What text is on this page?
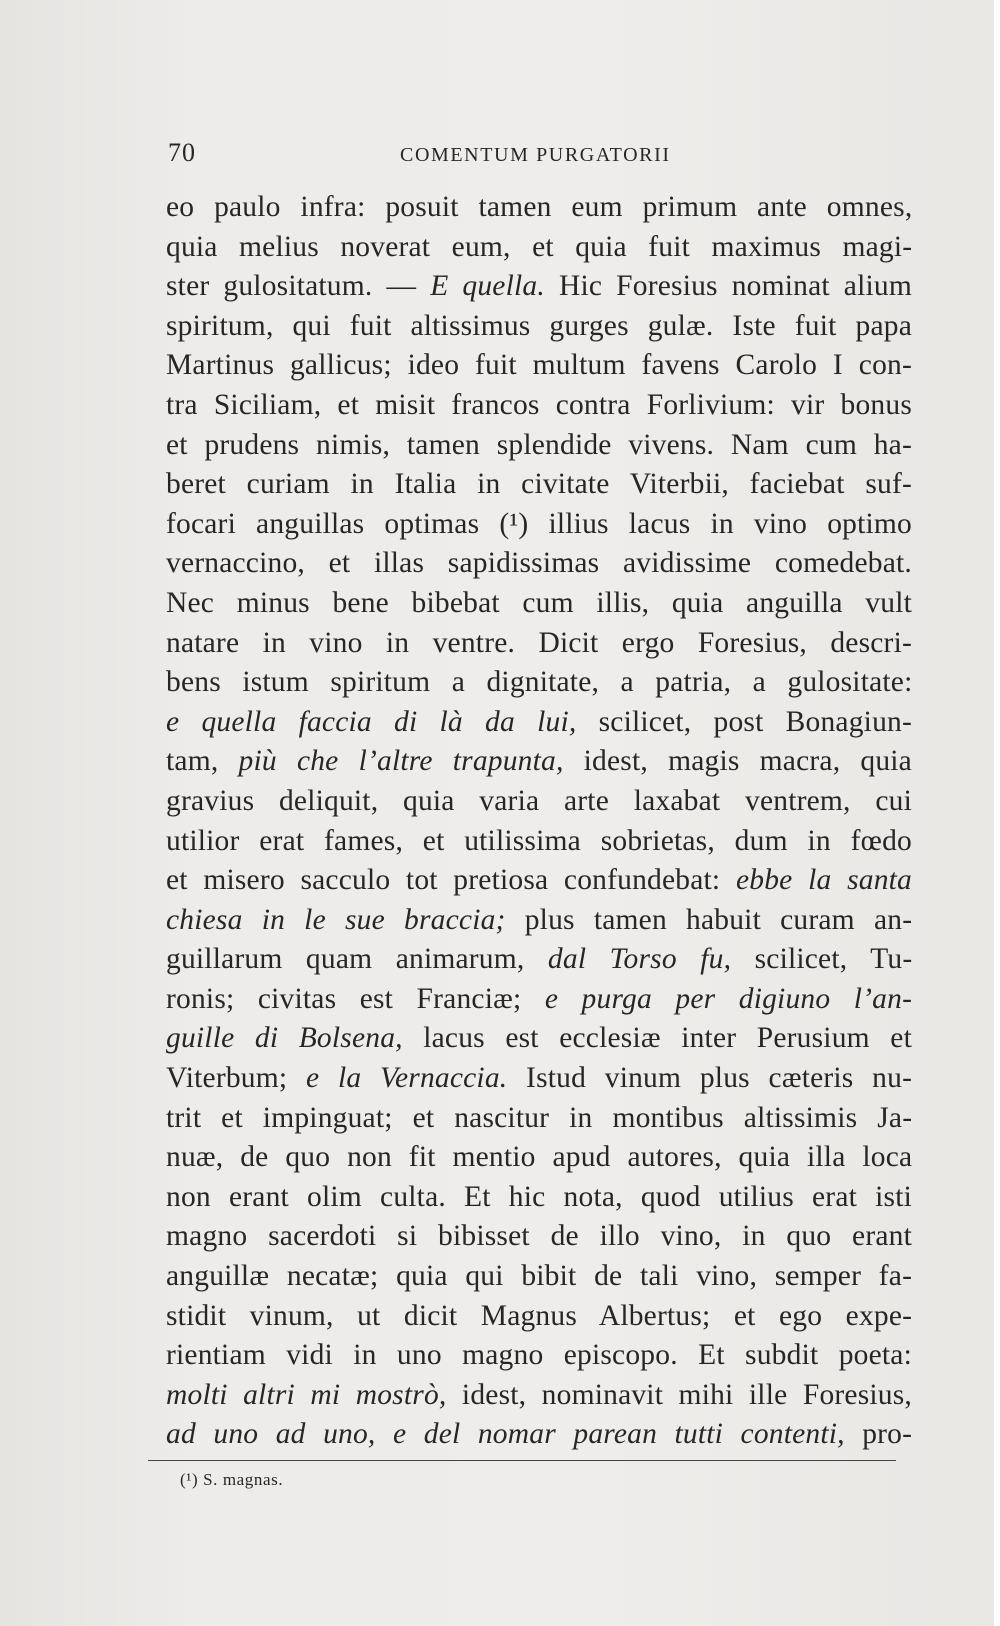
70	COMENTUM PURGATORII
eo paulo infra: posuit tamen eum primum ante omnes,
quia melius noverat eum, et quia fuit maximus magi-
ster gulositatum. — E quella. Hic Foresius nominat alium
spiritum, qui fuit altissimus gurges gulæ. Iste fuit papa
Martinus gallicus; ideo fuit multum favens Carolo I con-
tra Siciliam, et misit francos contra Forlivium: vir bonus
et prudens nimis, tamen splendide vivens. Nam cum ha-
beret curiam in Italia in civitate Viterbii, faciebat suf-
focari anguillas optimas (¹) illius lacus in vino optimo
vernaccino, et illas sapidissimas avidissime comedebat.
Nec minus bene bibebat cum illis, quia anguilla vult
natare in vino in ventre. Dicit ergo Foresius, descri-
bens istum spiritum a dignitate, a patria, a gulositate:
e quella faccia di là da lui, scilicet, post Bonagiun-
tam, più che l’altre trapunta, idest, magis macra, quia
gravius deliquit, quia varia arte laxabat ventrem, cui
utilior erat fames, et utilissima sobrietas, dum in fœdo
et misero sacculo tot pretiosa confundebat: ebbe la santa
chiesa in le sue braccia; plus tamen habuit curam an-
guillarum quam animarum, dal Torso fu, scilicet, Tu-
ronis; civitas est Franciæ; e purga per digiuno l’an-
guille di Bolsena, lacus est ecclesiæ inter Perusium et
Viterbum; e la Vernaccia. Istud vinum plus cæteris nu-
trit et impinguat; et nascitur in montibus altissimis Ja-
nuæ, de quo non fit mentio apud autores, quia illa loca
non erant olim culta. Et hic nota, quod utilius erat isti
magno sacerdoti si bibisset de illo vino, in quo erant
anguillæ necatæ; quia qui bibit de tali vino, semper fa-
stidit vinum, ut dicit Magnus Albertus; et ego expe-
rientiam vidi in uno magno episcopo. Et subdit poeta:
molti altri mi mostrò, idest, nominavit mihi ille Foresius,
ad uno ad uno, e del nomar parean tutti contenti, pro-
(¹) S. magnas.
